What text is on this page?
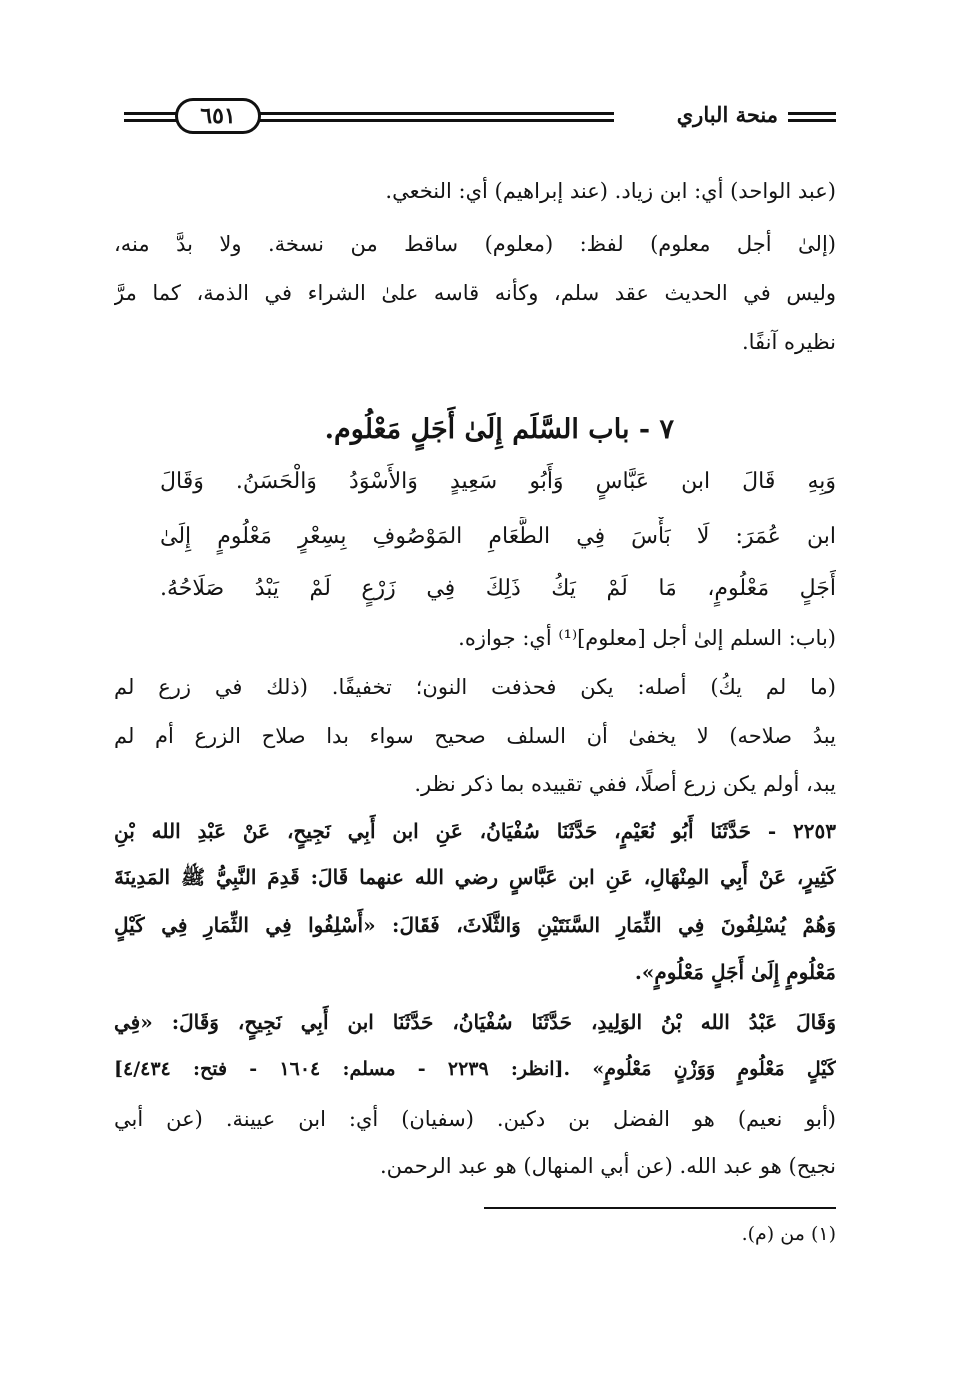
منحة الباري
٦٥١
(عبد الواحد) أي: ابن زياد. (عند إبراهيم) أي: النخعي.
(إلىٰ أجل معلوم) لفظ: (معلوم) ساقط من نسخة. ولا بدَّ منه،
وليس في الحديث عقد سلم، وكأنه قاسه علىٰ الشراء في الذمة، كما مرَّ
نظيره آنفًا.
٧ - باب السَّلَم إِلَىٰ أَجَلٍ مَعْلُوم.
وَبِهِ قَالَ ابن عَبَّاسٍ وَأَبُو سَعِيدٍ وَالأَسْوَدُ وَالْحَسَنُ. وَقَالَ
ابن عُمَرَ: لَا بَأْسَ فِي الطَّعَامِ المَوْصُوفِ بِسِعْرٍ مَعْلُومٍ إِلَىٰ
أَجَلٍ مَعْلُومٍ، مَا لَمْ يَكُ ذَلِكَ فِي زَرْعٍ لَمْ يَبْدُ صَلَاحُهُ.
(باب: السلم إلىٰ أجل [معلوم]⁽¹⁾ أي: جوازه.
(ما لم يكُ) أصله: يكن فحذفت النون؛ تخفيفًا. (ذلك في زرع لم
يبدُ صلاحه) لا يخفىٰ أن السلف صحيح سواء بدا صلاح الزرع أم لم
يبد، أولم يكن زرع أصلًا، ففي تقييده بما ذكر نظر.
٢٢٥٣ - حَدَّثَنَا أَبُو نُعَيْمٍ، حَدَّثَنَا سُفْيَانُ، عَنِ ابن أَبِي نَجِيحٍ، عَنْ عَبْدِ الله بْنِ
كَثِيرٍ، عَنْ أَبِي المِنْهَالِ، عَنِ ابن عَبَّاسٍ رضي الله عنهما قَالَ: قَدِمَ النَّبِيُّ ﷺ المَدِينَةَ
وَهُمْ يُسْلِفُونَ فِي الثِّمَارِ السَّنَتَيْنِ وَالثَّلَاثَ، فَقَالَ: «أَسْلِفُوا فِي الثِّمَارِ فِي كَيْلٍ
مَعْلُومٍ إِلَىٰ أَجَلٍ مَعْلُومٍ».
وَقَالَ عَبْدُ الله بْنُ الوَلِيدِ، حَدَّثَنَا سُفْيَانُ، حَدَّثَنَا ابن أَبِي نَجِيحٍ، وَقَالَ: «فِي
كَيْلٍ مَعْلُومٍ وَوَزْنٍ مَعْلُومٍ» .[انظر: ٢٢٣٩ - مسلم: ١٦٠٤ - فتح: ٤/٤٣٤]
(أبو نعيم) هو الفضل بن دكين. (سفيان) أي: ابن عيينة. (عن أبي
نجيح) هو عبد الله. (عن أبي المنهال) هو عبد الرحمن.
(١) من (م).
